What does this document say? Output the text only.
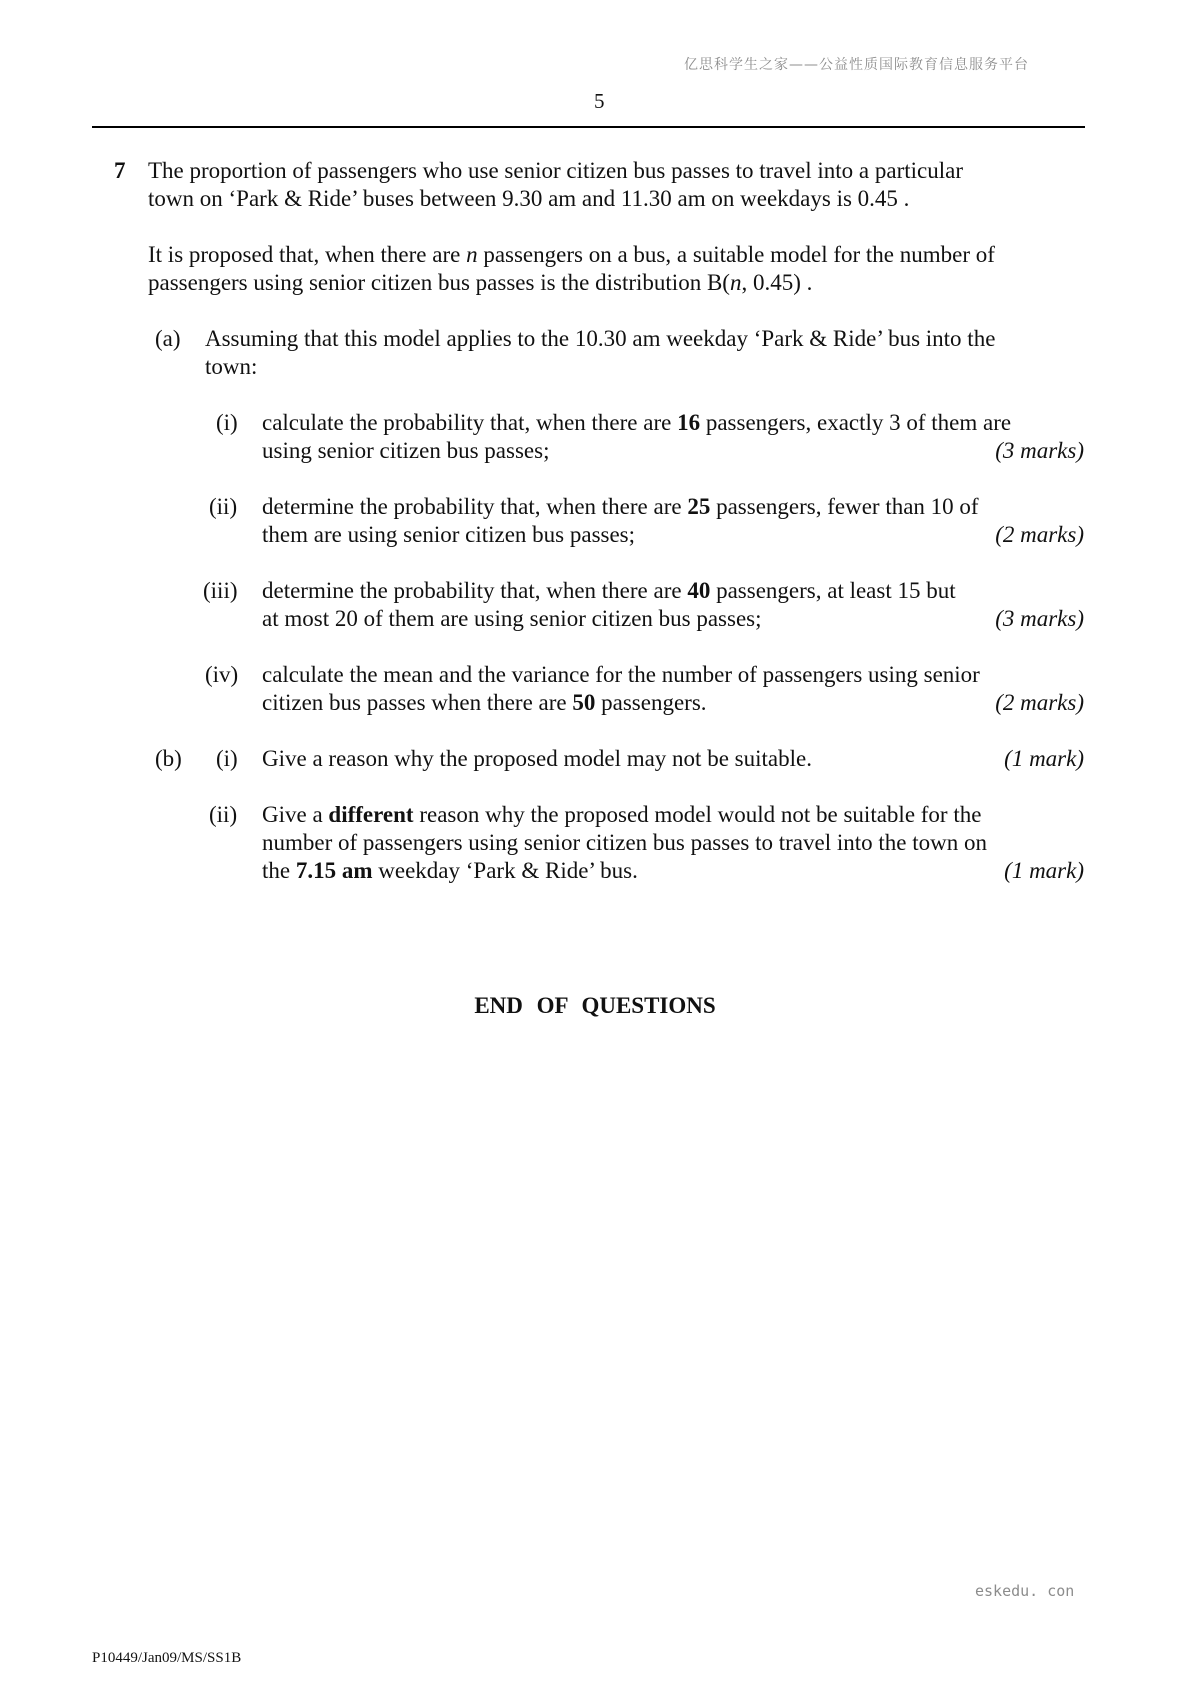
亿思科学生之家——公益性质国际教育信息服务平台
5
7 The proportion of passengers who use senior citizen bus passes to travel into a particular
town on ‘Park & Ride’ buses between 9.30 am and 11.30 am on weekdays is 0.45 .
It is proposed that, when there are n passengers on a bus, a suitable model for the number of
passengers using senior citizen bus passes is the distribution B(n, 0.45) .
(a) Assuming that this model applies to the 10.30 am weekday ‘Park & Ride’ bus into the
town:
(i) calculate the probability that, when there are 16 passengers, exactly 3 of them are
using senior citizen bus passes;	(3 marks)
(ii) determine the probability that, when there are 25 passengers, fewer than 10 of
them are using senior citizen bus passes;	(2 marks)
(iii) determine the probability that, when there are 40 passengers, at least 15 but
at most 20 of them are using senior citizen bus passes;	(3 marks)
(iv) calculate the mean and the variance for the number of passengers using senior
citizen bus passes when there are 50 passengers.	(2 marks)
(b) (i) Give a reason why the proposed model may not be suitable.	(1 mark)
(ii) Give a different reason why the proposed model would not be suitable for the
number of passengers using senior citizen bus passes to travel into the town on
the 7.15 am weekday ‘Park & Ride’ bus.	(1 mark)
END OF QUESTIONS
eskedu. con
P10449/Jan09/MS/SS1B
